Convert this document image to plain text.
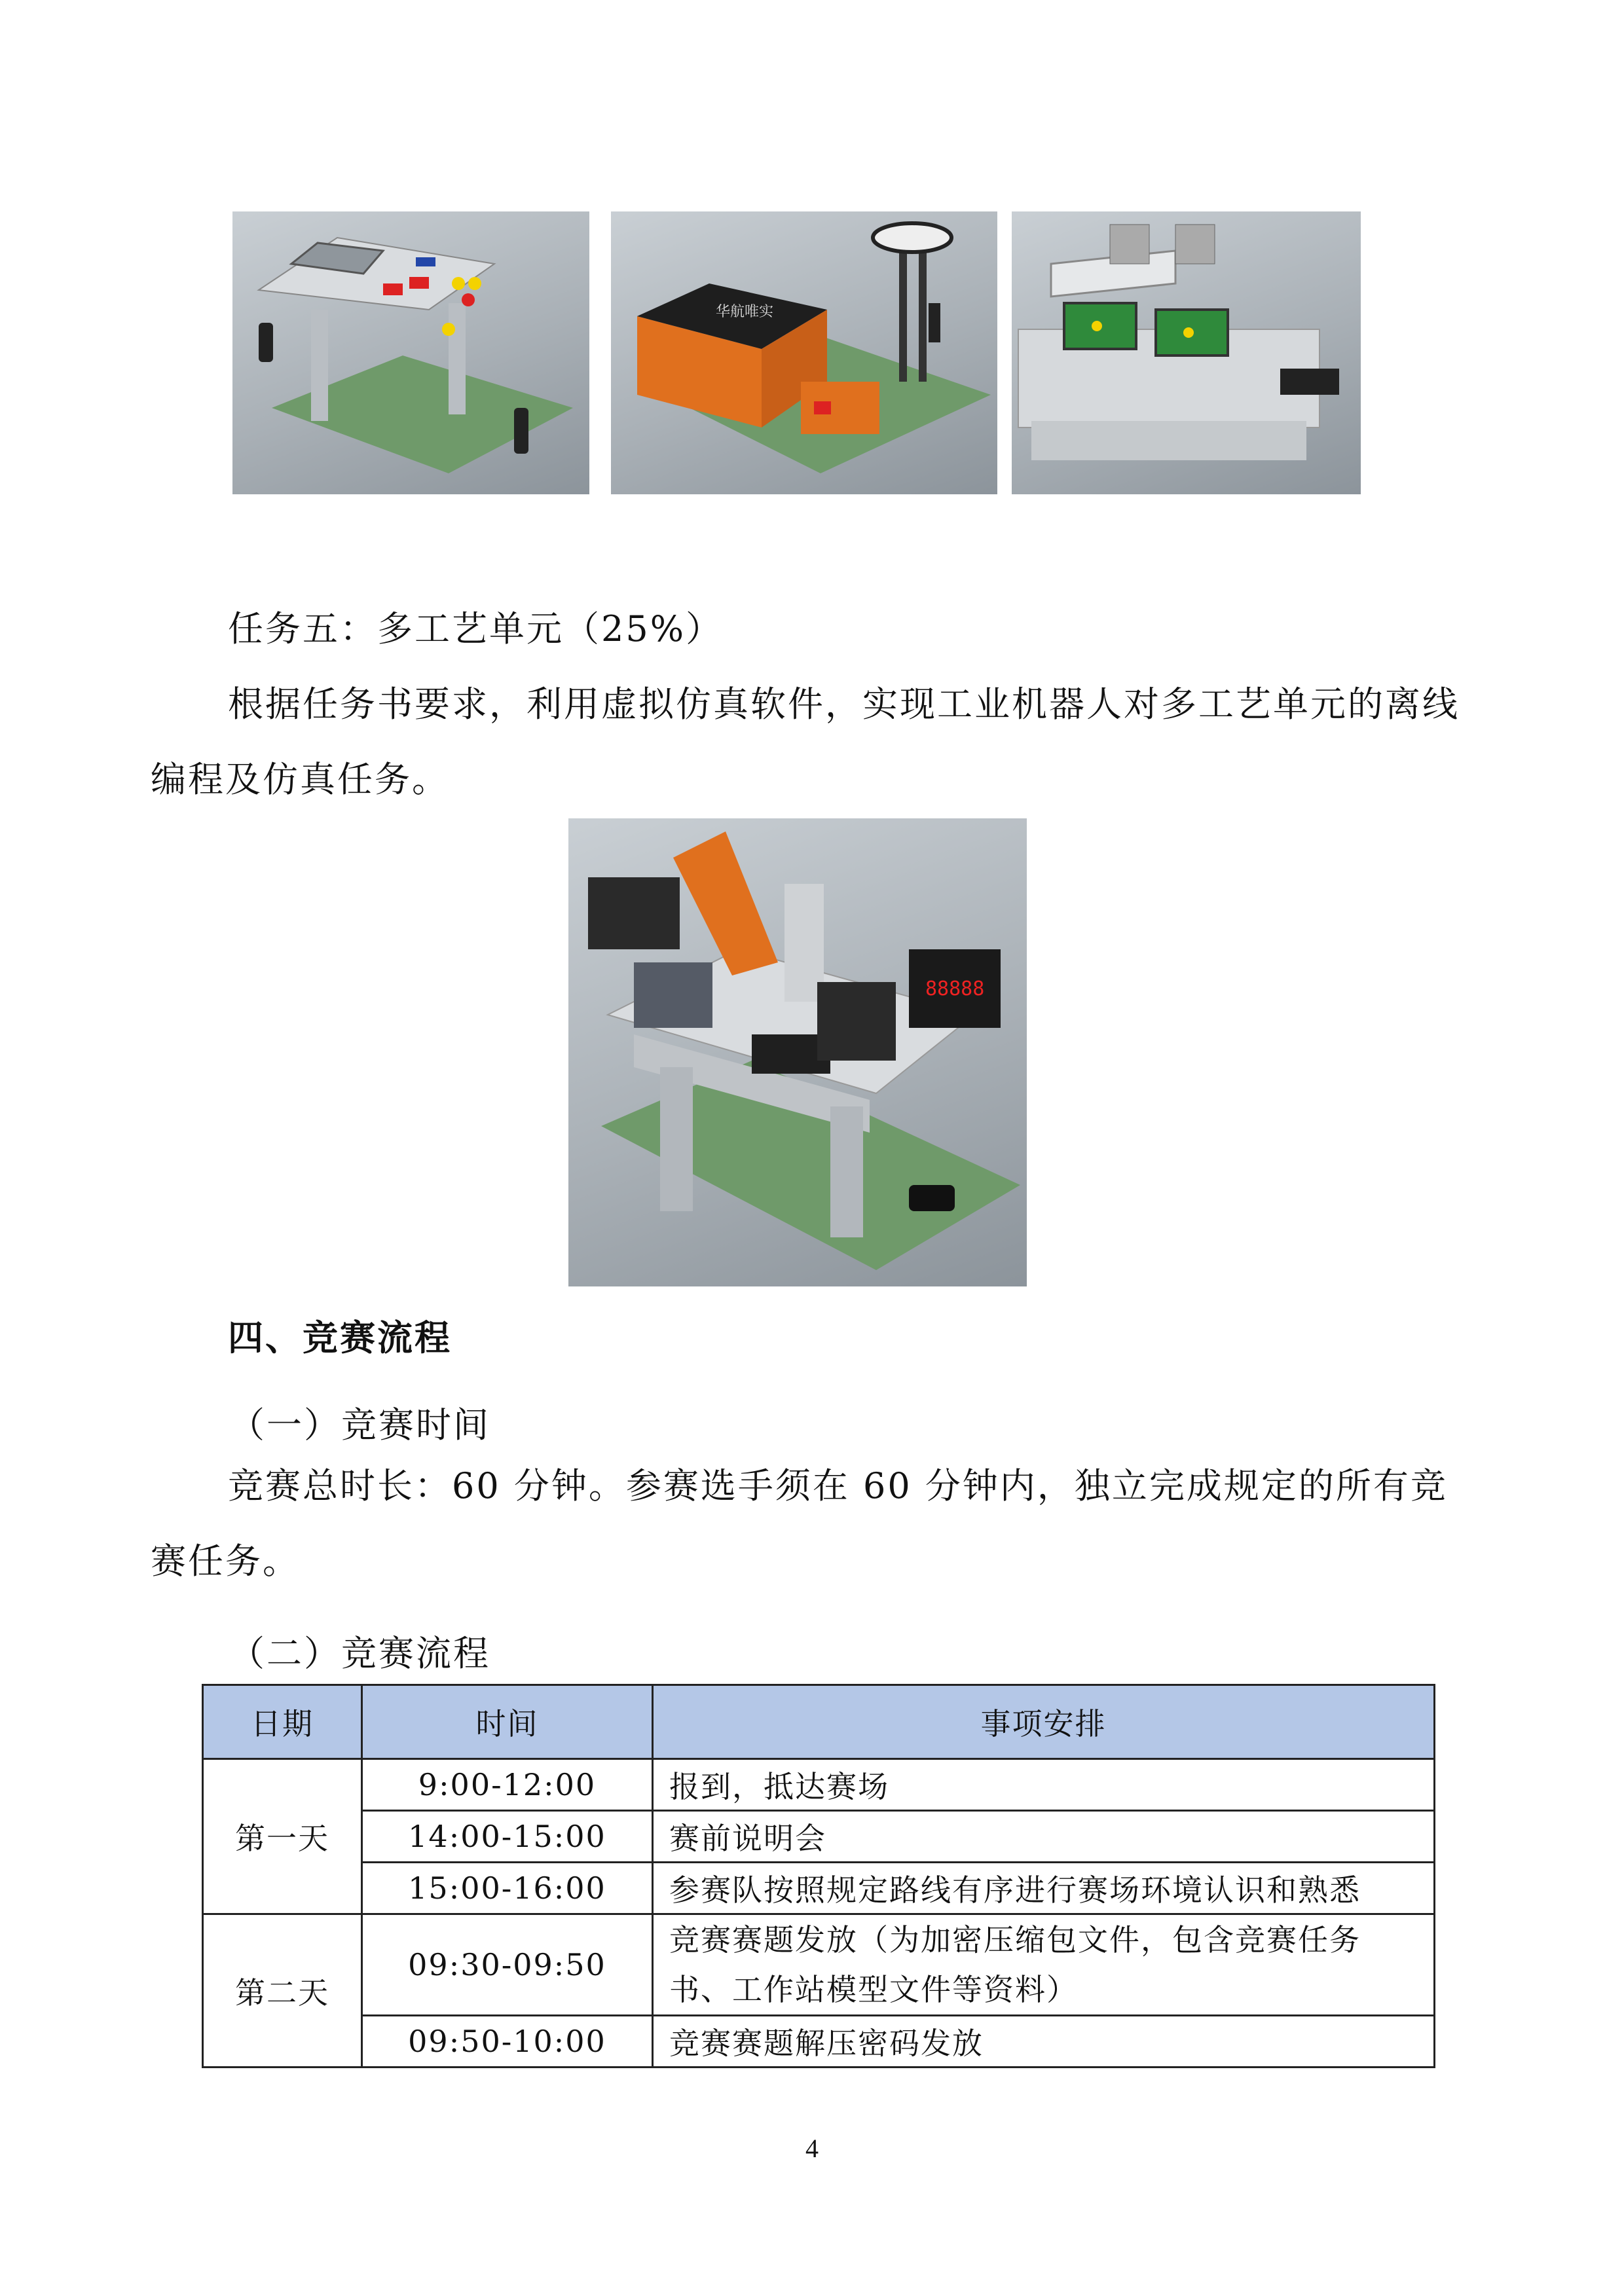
华航唯实

任务五：多工艺单元（25%）

根据任务书要求，利用虚拟仿真软件，实现工业机器人对多工艺单元的离线编程及仿真任务。

88888

四、竞赛流程

（一）竞赛时间

竞赛总时长：60 分钟。参赛选手须在 60 分钟内，独立完成规定的所有竞赛任务。

（二）竞赛流程

日期	时间	事项安排
第一天	9:00-12:00	报到，抵达赛场
	14:00-15:00	赛前说明会
	15:00-16:00	参赛队按照规定路线有序进行赛场环境认识和熟悉
第二天	09:30-09:50	竞赛赛题发放（为加密压缩包文件，包含竞赛任务书、工作站模型文件等资料）
	09:50-10:00	竞赛赛题解压密码发放
4
